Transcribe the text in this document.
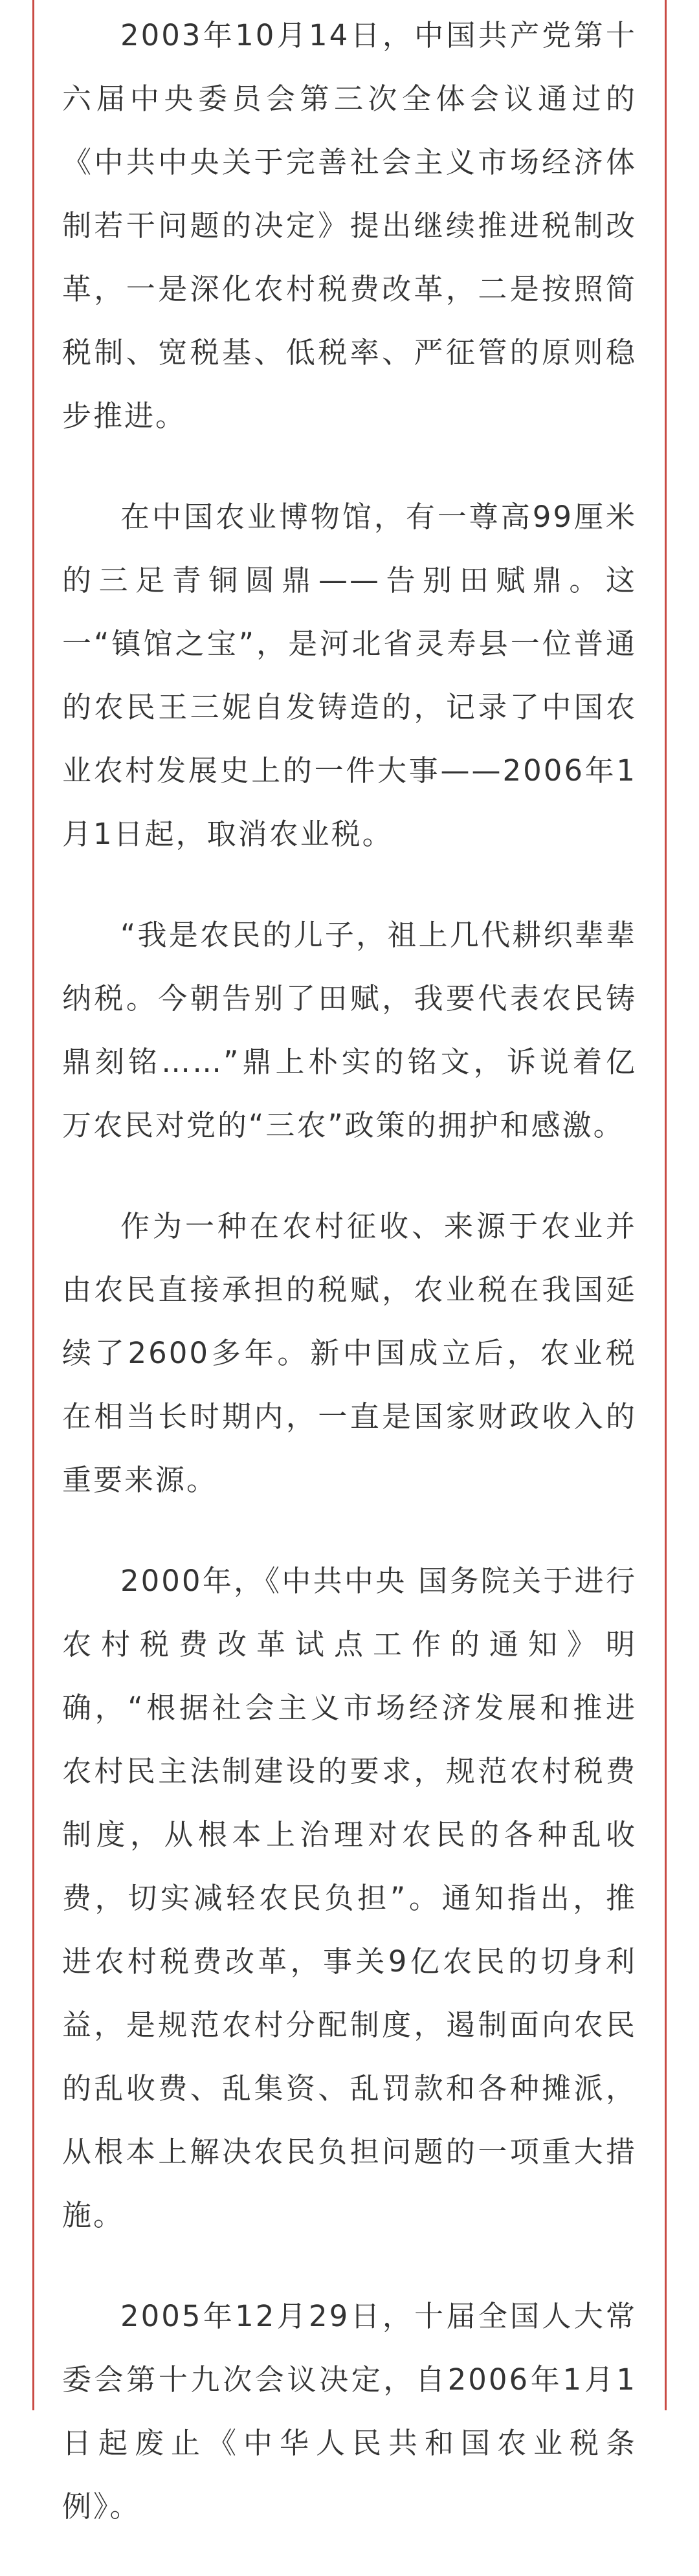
2003年10月14日，中国共产党第十六届中央委员会第三次全体会议通过的《中共中央关于完善社会主义市场经济体制若干问题的决定》提出继续推进税制改革，一是深化农村税费改革，二是按照简税制、宽税基、低税率、严征管的原则稳步推进。

在中国农业博物馆，有一尊高99厘米的三足青铜圆鼎——告别田赋鼎。这一“镇馆之宝”，是河北省灵寿县一位普通的农民王三妮自发铸造的，记录了中国农业农村发展史上的一件大事——2006年1月1日起，取消农业税。

“我是农民的儿子，祖上几代耕织辈辈纳税。今朝告别了田赋，我要代表农民铸鼎刻铭……”鼎上朴实的铭文，诉说着亿万农民对党的“三农”政策的拥护和感激。

作为一种在农村征收、来源于农业并由农民直接承担的税赋，农业税在我国延续了2600多年。新中国成立后，农业税在相当长时期内，一直是国家财政收入的重要来源。

2000年，《中共中央 国务院关于进行农村税费改革试点工作的通知》明确，“根据社会主义市场经济发展和推进农村民主法制建设的要求，规范农村税费制度，从根本上治理对农民的各种乱收费，切实减轻农民负担”。通知指出，推进农村税费改革，事关9亿农民的切身利益，是规范农村分配制度，遏制面向农民的乱收费、乱集资、乱罚款和各种摊派，从根本上解决农民负担问题的一项重大措施。

2005年12月29日，十届全国人大常委会第十九次会议决定，自2006年1月1日起废止《中华人民共和国农业税条例》。
